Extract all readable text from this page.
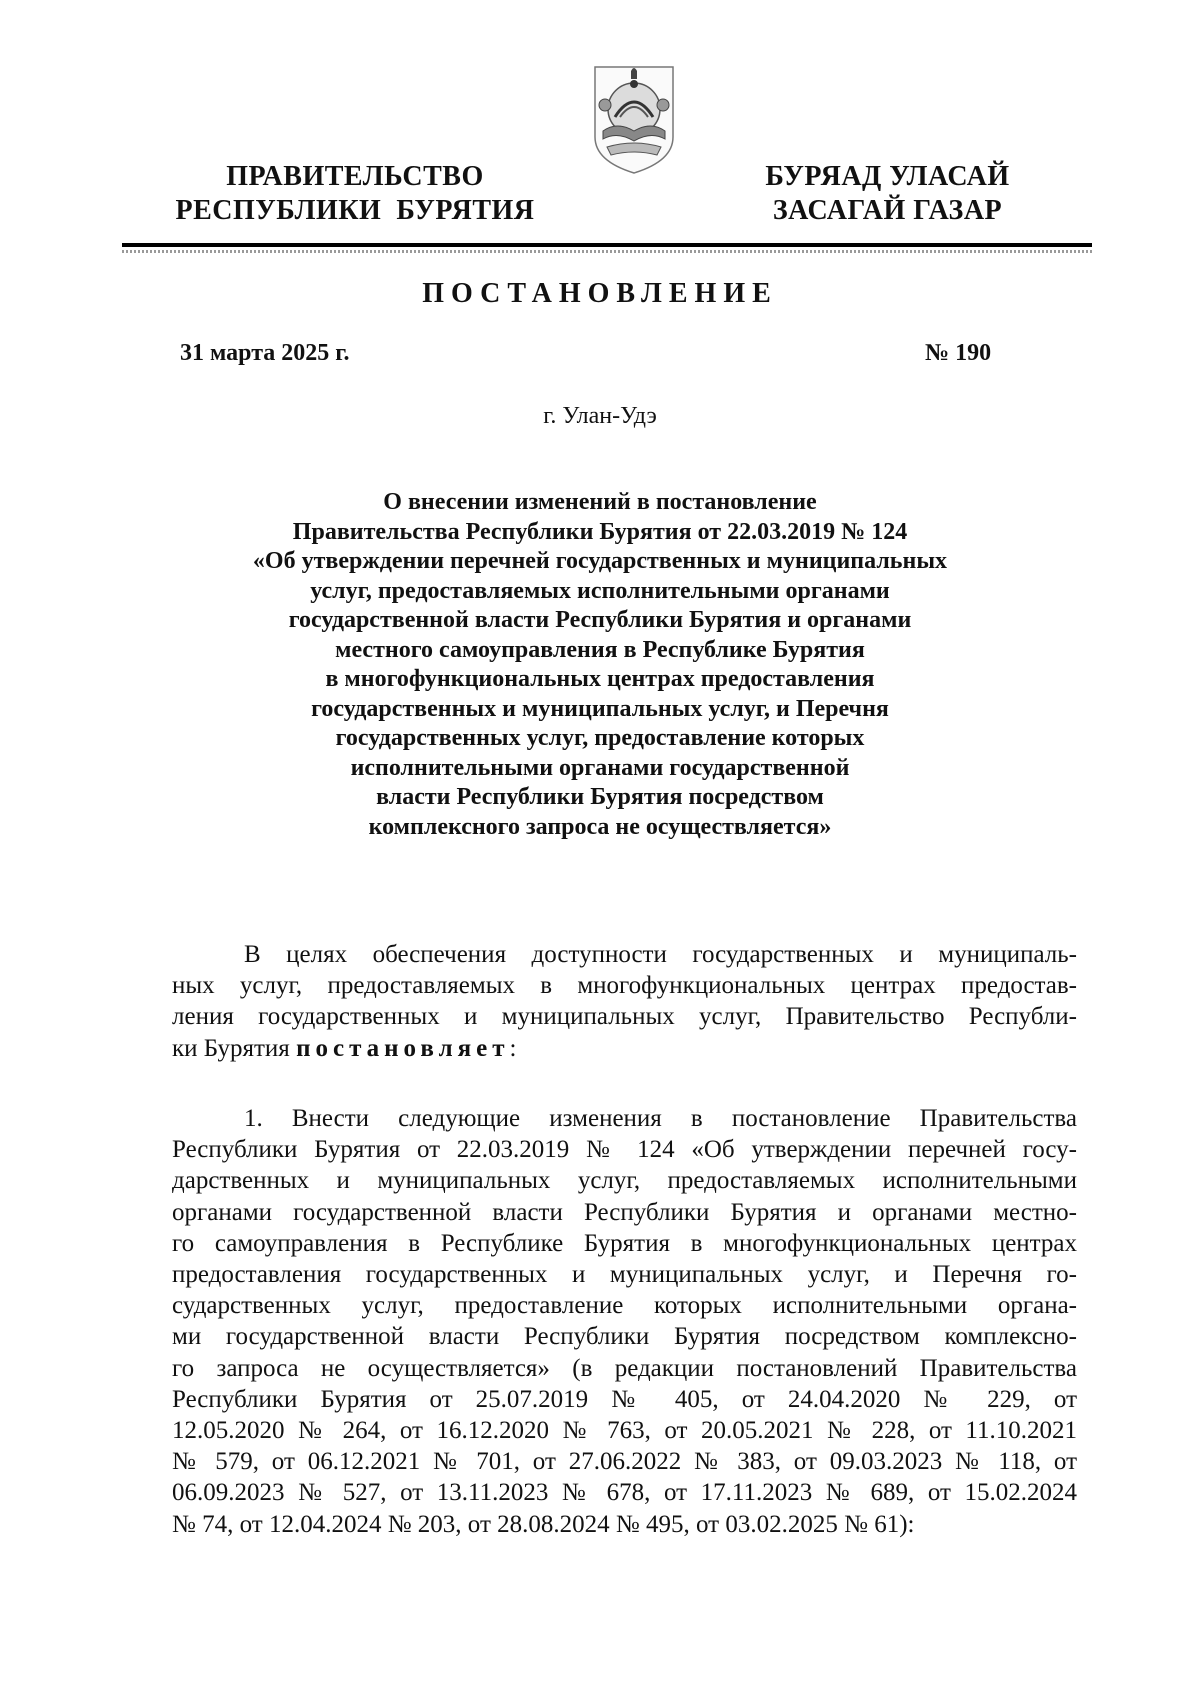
ПРАВИТЕЛЬСТВО
РЕСПУБЛИКИ  БУРЯТИЯ
БУРЯАД УЛАСАЙ
ЗАСАГАЙ ГАЗАР
ПОСТАНОВЛЕНИЕ
31 марта 2025 г.	№ 190
г. Улан-Удэ
О внесении изменений в постановление
Правительства Республики Бурятия от 22.03.2019 № 124
«Об утверждении перечней государственных и муниципальных
услуг, предоставляемых исполнительными органами
государственной власти Республики Бурятия и органами
местного самоуправления в Республике Бурятия
в многофункциональных центрах предоставления
государственных и муниципальных услуг, и Перечня
государственных услуг, предоставление которых
исполнительными органами государственной
власти Республики Бурятия посредством
комплексного запроса не осуществляется»
В целях обеспечения доступности государственных и муниципаль-
ных услуг, предоставляемых в многофункциональных центрах предостав-
ления государственных и муниципальных услуг, Правительство Республи-
ки Бурятия постановляет:
1. Внести следующие изменения в постановление Правительства
Республики Бурятия от 22.03.2019 № 124 «Об утверждении перечней госу-
дарственных и муниципальных услуг, предоставляемых исполнительными
органами государственной власти Республики Бурятия и органами местно-
го самоуправления в Республике Бурятия в многофункциональных центрах
предоставления государственных и муниципальных услуг, и Перечня го-
сударственных услуг, предоставление которых исполнительными органа-
ми государственной власти Республики Бурятия посредством комплексно-
го запроса не осуществляется» (в редакции постановлений Правительства
Республики Бурятия от 25.07.2019 № 405, от 24.04.2020 № 229, от
12.05.2020 № 264, от 16.12.2020 № 763, от 20.05.2021 № 228, от 11.10.2021
№ 579, от 06.12.2021 № 701, от 27.06.2022 № 383, от 09.03.2023 № 118, от
06.09.2023 № 527, от 13.11.2023 № 678, от 17.11.2023 № 689, от 15.02.2024
№ 74, от 12.04.2024 № 203, от 28.08.2024 № 495, от 03.02.2025 № 61):
